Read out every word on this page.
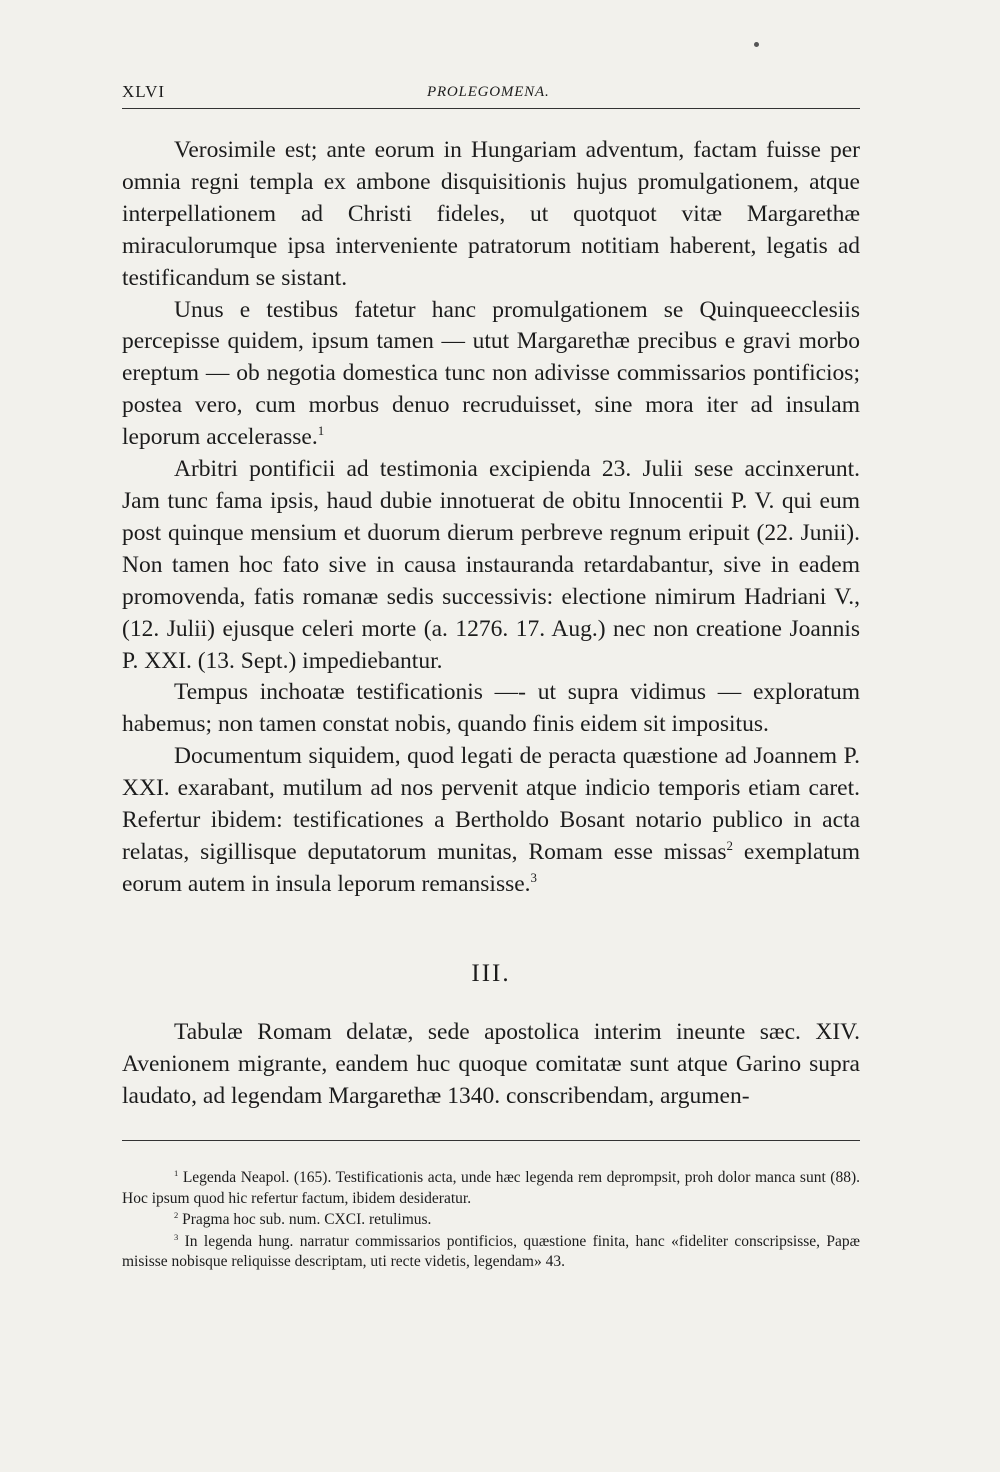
XLVI	PROLEGOMENA.

Verosimile est; ante eorum in Hungariam adventum, factam fuisse per omnia regni templa ex ambone disquisitionis hujus promulgationem, atque interpellationem ad Christi fideles, ut quotquot vitæ Margarethæ miraculorumque ipsa interveniente patratorum notitiam haberent, legatis ad testificandum se sistant.

Unus e testibus fatetur hanc promulgationem se Quinqueecclesiis percepisse quidem, ipsum tamen — utut Margarethæ precibus e gravi morbo ereptum — ob negotia domestica tunc non adivisse commissarios pontificios; postea vero, cum morbus denuo recruduisset, sine mora iter ad insulam leporum accelerasse.$^1$

Arbitri pontificii ad testimonia excipienda 23. Julii sese accinxerunt. Jam tunc fama ipsis, haud dubie innotuerat de obitu Innocentii P. V. qui eum post quinque mensium et duorum dierum perbreve regnum eripuit (22. Junii). Non tamen hoc fato sive in causa instauranda retardabantur, sive in eadem promovenda, fatis romanæ sedis successivis: electione nimirum Hadriani V., (12. Julii) ejusque celeri morte (a. 1276. 17. Aug.) nec non creatione Joannis P. XXI. (13. Sept.) impediebantur.

Tempus inchoatæ testificationis —- ut supra vidimus — exploratum habemus; non tamen constat nobis, quando finis eidem sit impositus.

Documentum siquidem, quod legati de peracta quæstione ad Joannem P. XXI. exarabant, mutilum ad nos pervenit atque indicio temporis etiam caret. Refertur ibidem: testificationes a Bertholdo Bosant notario publico in acta relatas, sigillisque deputatorum munitas, Romam esse missas$^2$ exemplatum eorum autem in insula leporum remansisse.$^3$

III.

Tabulæ Romam delatæ, sede apostolica interim ineunte sæc. XIV. Avenionem migrante, eandem huc quoque comitatæ sunt atque Garino supra laudato, ad legendam Margarethæ 1340. conscribendam, argumen-

$^1$ Legenda Neapol. (165). Testificationis acta, unde hæc legenda rem deprompsit, proh dolor manca sunt (88). Hoc ipsum quod hic refertur factum, ibidem desideratur.

$^2$ Pragma hoc sub. num. CXCI. retulimus.

$^3$ In legenda hung. narratur commissarios pontificios, quæstione finita, hanc «fideliter conscripsisse, Papæ misisse nobisque reliquisse descriptam, uti recte videtis, legendam» 43.
